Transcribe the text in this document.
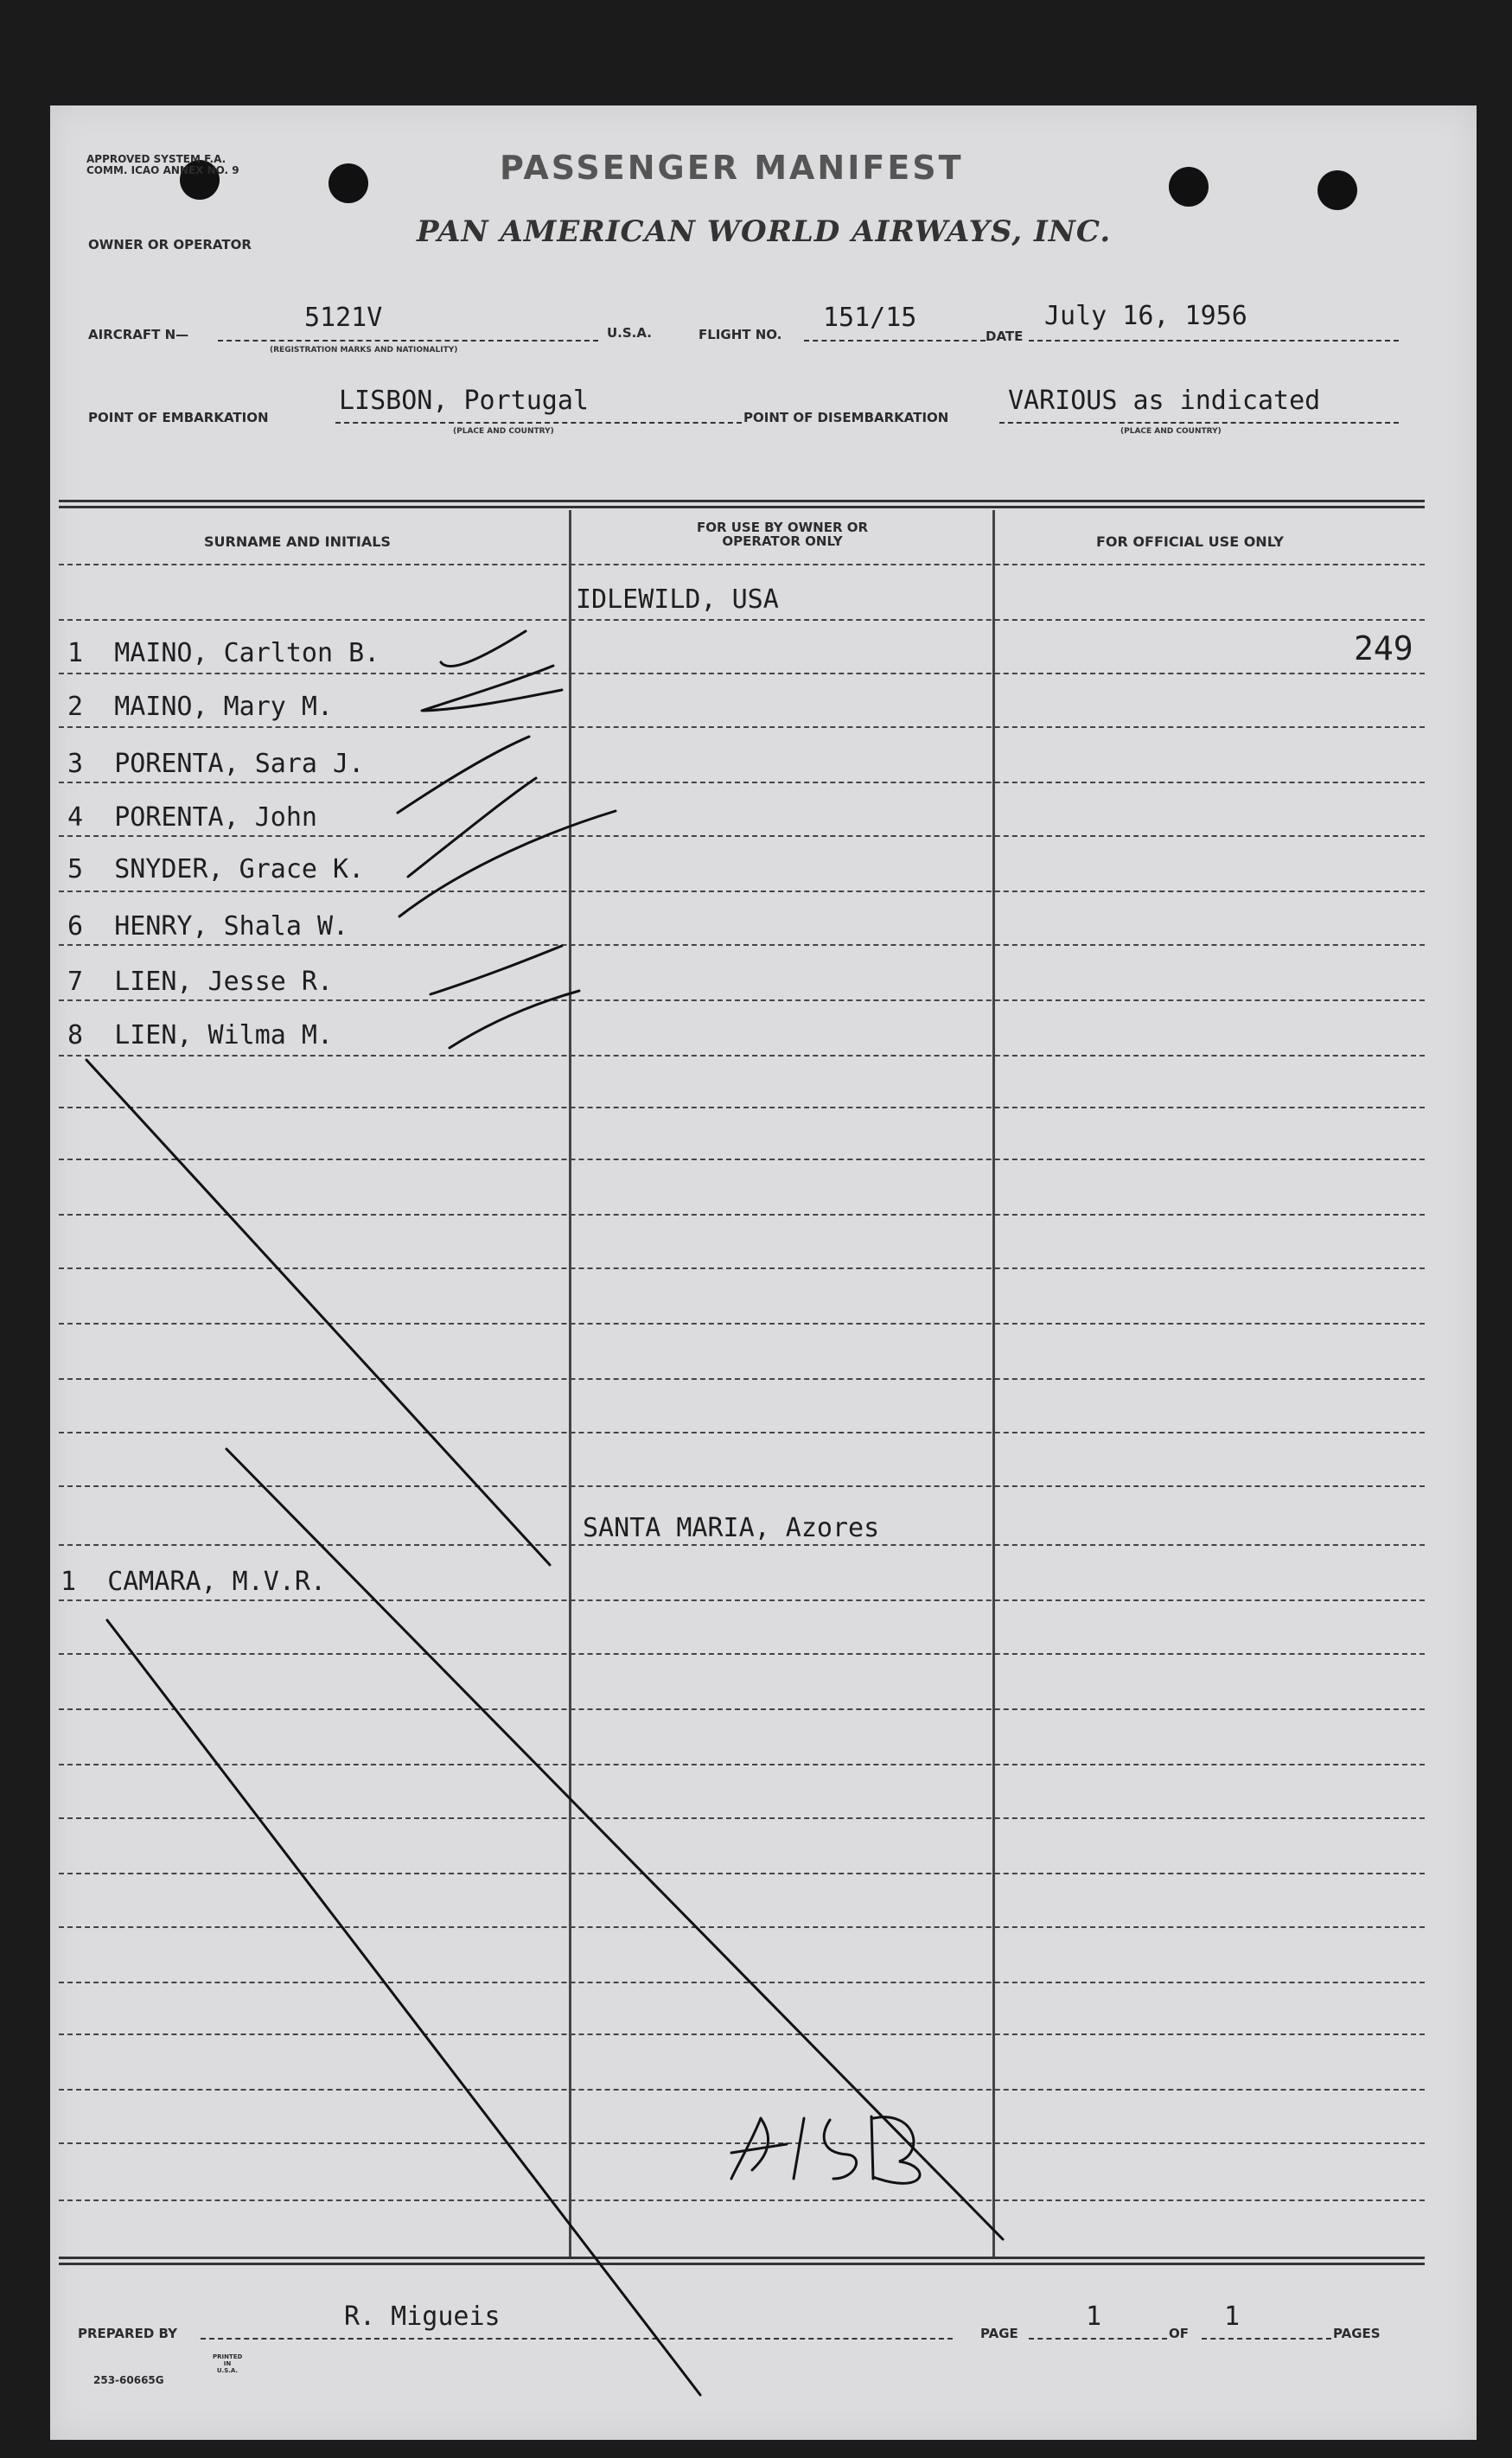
APPROVED SYSTEM F.A. COMM. ICAO ANNEX NO. 9	PASSENGER MANIFEST
OWNER OR OPERATOR	PAN AMERICAN WORLD AIRWAYS, INC.
AIRCRAFT N—
5121V
(REGISTRATION MARKS AND NATIONALITY)
U.S.A.	FLIGHT NO.
151/15
DATE
July 16, 1956
POINT OF EMBARKATION
LISBON, Portugal
(PLACE AND COUNTRY)
POINT OF DISEMBARKATION
VARIOUS as indicated
(PLACE AND COUNTRY)
SURNAME AND INITIALS
FOR USE BY OWNER OR OPERATOR ONLY	FOR OFFICIAL USE ONLY
IDLEWILD, USA
249
1 MAINO, Carlton B.
2 MAINO, Mary M.
3 PORENTA, Sara J.
4 PORENTA, John
5 SNYDER, Grace K.
6 HENRY, Shala W.
7 LIEN, Jesse R.
8 LIEN, Wilma M.
SANTA MARIA, Azores
1 CAMARA, M.V.R.
PREPARED BY
R. Migueis
PAGE
1
OF
1
PAGES
253-60665G
PRINTED IN U.S.A.
